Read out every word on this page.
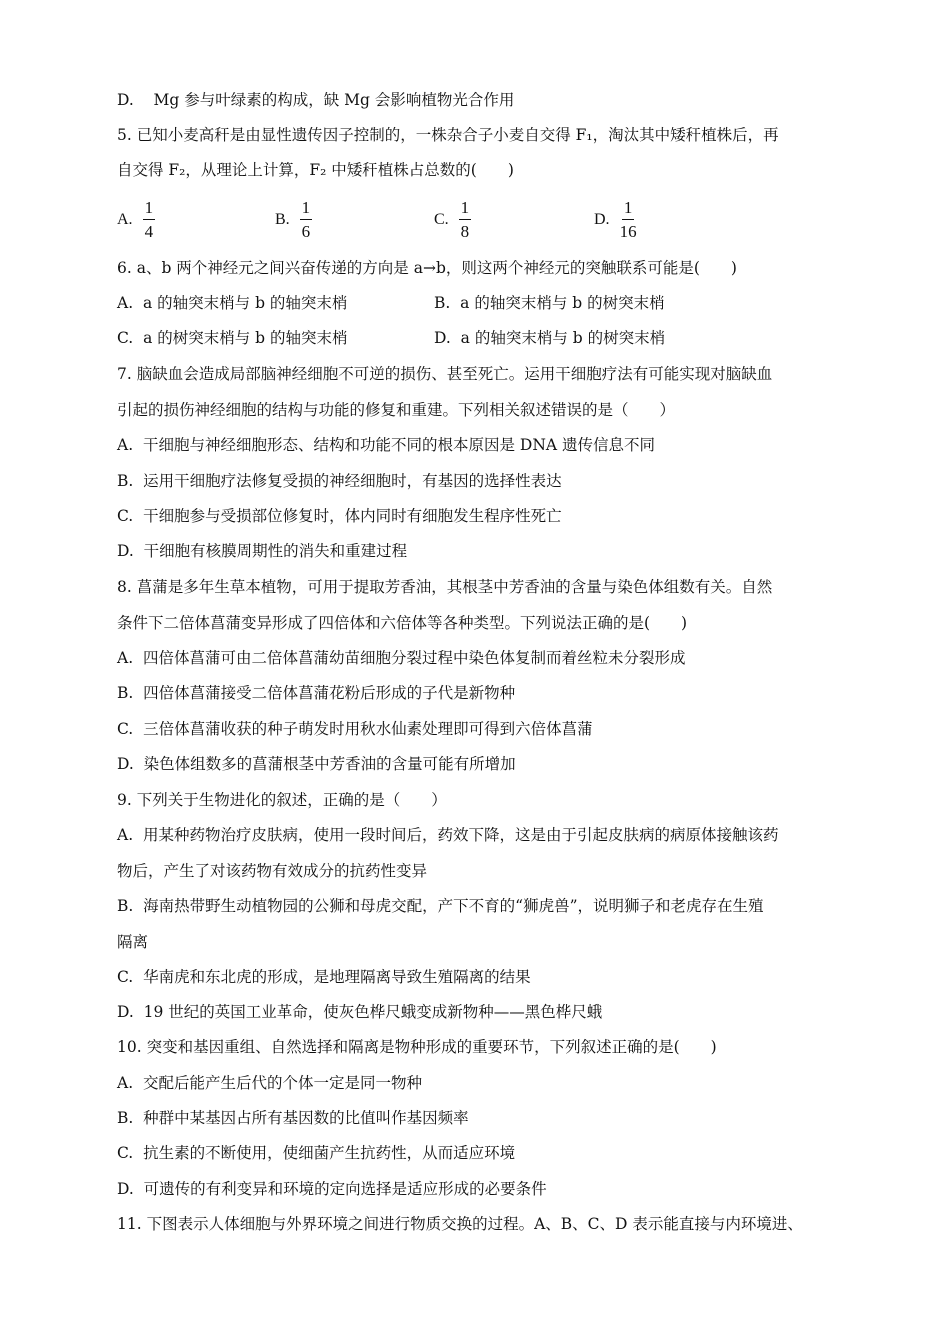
D.    Mg 参与叶绿素的构成，缺 Mg 会影响植物光合作用
5. 已知小麦高秆是由显性遗传因子控制的，一株杂合子小麦自交得 F₁，淘汰其中矮秆植株后，再
自交得 F₂，从理论上计算，F₂ 中矮秆植株占总数的(　　)
A. $\frac{1}{4}$	B. $\frac{1}{6}$	C. $\frac{1}{8}$	D. $\frac{1}{16}$
6. a、b 两个神经元之间兴奋传递的方向是 a→b，则这两个神经元的突触联系可能是(　　)
A.  a 的轴突末梢与 b 的轴突末梢	B.  a 的轴突末梢与 b 的树突末梢
C.  a 的树突末梢与 b 的轴突末梢	D.  a 的轴突末梢与 b 的树突末梢
7. 脑缺血会造成局部脑神经细胞不可逆的损伤、甚至死亡。运用干细胞疗法有可能实现对脑缺血
引起的损伤神经细胞的结构与功能的修复和重建。下列相关叙述错误的是（　　）
A.  干细胞与神经细胞形态、结构和功能不同的根本原因是 DNA 遗传信息不同
B.  运用干细胞疗法修复受损的神经细胞时，有基因的选择性表达
C.  干细胞参与受损部位修复时，体内同时有细胞发生程序性死亡
D.  干细胞有核膜周期性的消失和重建过程
8. 菖蒲是多年生草本植物，可用于提取芳香油，其根茎中芳香油的含量与染色体组数有关。自然
条件下二倍体菖蒲变异形成了四倍体和六倍体等各种类型。下列说法正确的是(　　)
A.  四倍体菖蒲可由二倍体菖蒲幼苗细胞分裂过程中染色体复制而着丝粒未分裂形成
B.  四倍体菖蒲接受二倍体菖蒲花粉后形成的子代是新物种
C.  三倍体菖蒲收获的种子萌发时用秋水仙素处理即可得到六倍体菖蒲
D.  染色体组数多的菖蒲根茎中芳香油的含量可能有所增加
9. 下列关于生物进化的叙述，正确的是（　　）
A.  用某种药物治疗皮肤病，使用一段时间后，药效下降，这是由于引起皮肤病的病原体接触该药
物后，产生了对该药物有效成分的抗药性变异
B.  海南热带野生动植物园的公狮和母虎交配，产下不育的“狮虎兽”，说明狮子和老虎存在生殖
隔离
C.  华南虎和东北虎的形成，是地理隔离导致生殖隔离的结果
D.  19 世纪的英国工业革命，使灰色桦尺蛾变成新物种——黑色桦尺蛾
10. 突变和基因重组、自然选择和隔离是物种形成的重要环节，下列叙述正确的是(　　)
A.  交配后能产生后代的个体一定是同一物种
B.  种群中某基因占所有基因数的比值叫作基因频率
C.  抗生素的不断使用，使细菌产生抗药性，从而适应环境
D.  可遗传的有利变异和环境的定向选择是适应形成的必要条件
11. 下图表示人体细胞与外界环境之间进行物质交换的过程。A、B、C、D 表示能直接与内环境进、
